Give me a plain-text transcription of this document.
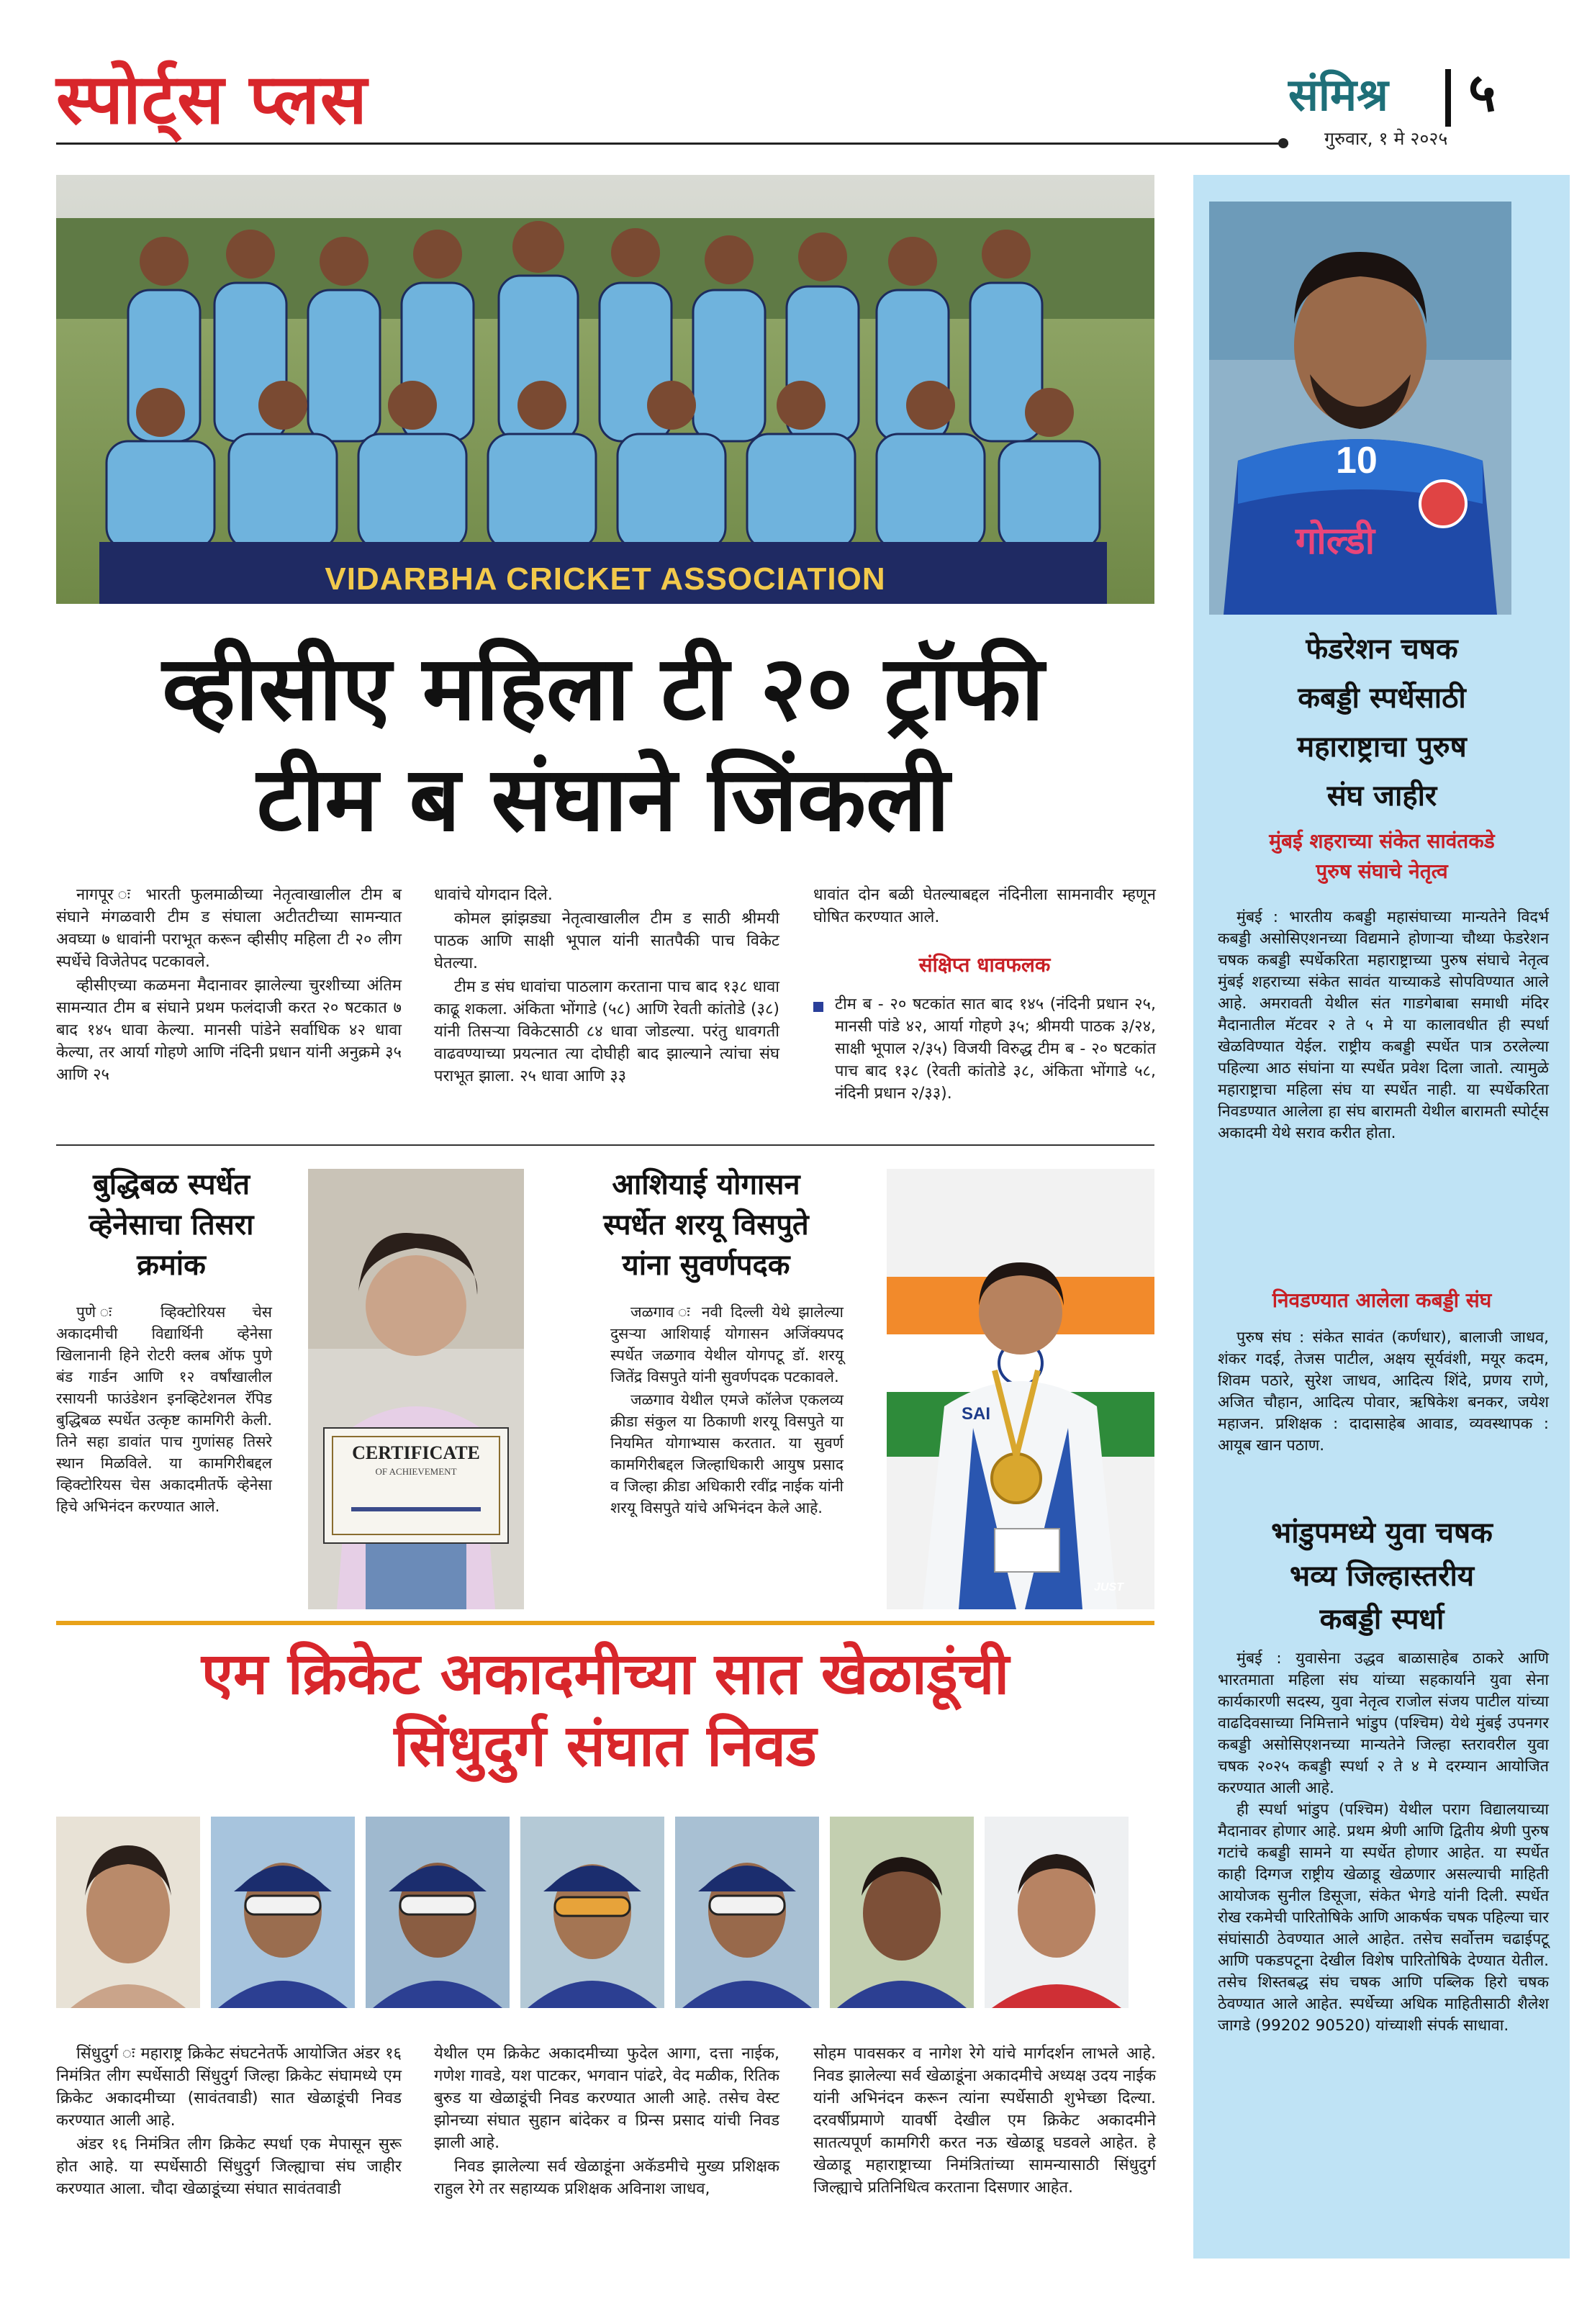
स्पोर्ट्स प्लस	संमिश्र ५
गुरुवार, १ मे २०२५
VIDARBHA CRICKET ASSOCIATION
व्हीसीए महिला टी २० ट्रॉफी
टीम ब संघाने जिंकली

नागपूर ः भारती फुलमाळीच्या नेतृत्वाखालील टीम ब संघाने मंगळवारी टीम ड संघाला अटीतटीच्या सामन्यात अवघ्या ७ धावांनी पराभूत करून व्हीसीए महिला टी २० लीग स्पर्धेचे विजेतेपद पटकावले.

व्हीसीएच्या कळमना मैदानावर झालेल्या चुरशीच्या अंतिम सामन्यात टीम ब संघाने प्रथम फलंदाजी करत २० षटकात ७ बाद १४५ धावा केल्या. मानसी पांडेने सर्वाधिक ४२ धावा केल्या, तर आर्या गोहणे आणि नंदिनी प्रधान यांनी अनुक्रमे ३५ आणि २५

धावांचे योगदान दिले.

कोमल झांझड्या नेतृत्वाखालील टीम ड साठी श्रीमयी पाठक आणि साक्षी भूपाल यांनी सातपैकी पाच विकेट घेतल्या.

टीम ड संघ धावांचा पाठलाग करताना पाच बाद १३८ धावा काढू शकला. अंकिता भोंगाडे (५८) आणि रेवती कांतोडे (३८) यांनी तिसऱ्या विकेटसाठी ८४ धावा जोडल्या. परंतु धावगती वाढवण्याच्या प्रयत्नात त्या दोघीही बाद झाल्याने त्यांचा संघ पराभूत झाला. २५ धावा आणि ३३

धावांत दोन बळी घेतल्याबद्दल नंदिनीला सामनावीर म्हणून घोषित करण्यात आले.

संक्षिप्त धावफलक
टीम ब - २० षटकांत सात बाद १४५ (नंदिनी प्रधान २५, मानसी पांडे ४२, आर्या गोहणे ३५; श्रीमयी पाठक ३/२४, साक्षी भूपाल २/३५) विजयी विरुद्ध टीम ब - २० षटकांत पाच बाद १३८ (रेवती कांतोडे ३८, अंकिता भोंगाडे ५८, नंदिनी प्रधान २/३३).
बुद्धिबळ स्पर्धेत
व्हेनेसाचा तिसरा
क्रमांक

पुणे ः व्हिक्टोरियस चेस अकादमीची विद्यार्थिनी व्हेनेसा खिलानानी हिने रोटरी क्लब ऑफ पुणे बंड गार्डन आणि १२ वर्षांखालील रसायनी फाउंडेशन इनव्हिटेशनल रॅपिड बुद्धिबळ स्पर्धेत उत्कृष्ट कामगिरी केली. तिने सहा डावांत पाच गुणांसह तिसरे स्थान मिळविले. या कामगिरीबद्दल व्हिक्टोरियस चेस अकादमीतर्फे व्हेनेसा हिचे अभिनंदन करण्यात आले.

CERTIFICATE
OF ACHIEVEMENT
आशियाई योगासन
स्पर्धेत शरयू विसपुते
यांना सुवर्णपदक

जळगाव ः नवी दिल्ली येथे झालेल्या दुसऱ्या आशियाई योगासन अजिंक्यपद स्पर्धेत जळगाव येथील योगपटू डॉ. शरयू जितेंद्र विसपुते यांनी सुवर्णपदक पटकावले.

जळगाव येथील एमजे कॉलेज एकलव्य क्रीडा संकुल या ठिकाणी शरयू विसपुते या नियमित योगाभ्यास करतात. या सुवर्ण कामगिरीबद्दल जिल्हाधिकारी आयुष प्रसाद व जिल्हा क्रीडा अधिकारी रवींद्र नाईक यांनी शरयू विसपुते यांचे अभिनंदन केले आहे.

SAI
JUST
एम क्रिकेट अकादमीच्या सात खेळाडूंची
सिंधुदुर्ग संघात निवड

सिंधुदुर्ग ः महाराष्ट्र क्रिकेट संघटनेतर्फे आयोजित अंडर १६ निमंत्रित लीग स्पर्धेसाठी सिंधुदुर्ग जिल्हा क्रिकेट संघामध्ये एम क्रिकेट अकादमीच्या (सावंतवाडी) सात खेळाडूंची निवड करण्यात आली आहे.

अंडर १६ निमंत्रित लीग क्रिकेट स्पर्धा एक मेपासून सुरू होत आहे. या स्पर्धेसाठी सिंधुदुर्ग जिल्ह्याचा संघ जाहीर करण्यात आला. चौदा खेळाडूंच्या संघात सावंतवाडी

येथील एम क्रिकेट अकादमीच्या फुदेल आगा, दत्ता नाईक, गणेश गावडे, यश पाटकर, भगवान पांढरे, वेद मळीक, रितिक बुरुड या खेळाडूंची निवड करण्यात आली आहे. तसेच वेस्ट झोनच्या संघात सुहान बांदेकर व प्रिन्स प्रसाद यांची निवड झाली आहे.

निवड झालेल्या सर्व खेळाडूंना अकॅडमीचे मुख्य प्रशिक्षक राहुल रेगे तर सहाय्यक प्रशिक्षक अविनाश जाधव,

सोहम पावसकर व नागेश रेगे यांचे मार्गदर्शन लाभले आहे. निवड झालेल्या सर्व खेळाडूंना अकादमीचे अध्यक्ष उदय नाईक यांनी अभिनंदन करून त्यांना स्पर्धेसाठी शुभेच्छा दिल्या. दरवर्षीप्रमाणे यावर्षी देखील एम क्रिकेट अकादमीने सातत्यपूर्ण कामगिरी करत नऊ खेळाडू घडवले आहेत. हे खेळाडू महाराष्ट्राच्या निमंत्रितांच्या सामन्यासाठी सिंधुदुर्ग जिल्ह्याचे प्रतिनिधित्व करताना दिसणार आहेत.

10
गोल्डी
फेडरेशन चषक
कबड्डी स्पर्धेसाठी
महाराष्ट्राचा पुरुष
संघ जाहीर
मुंबई शहराच्या संकेत सावंतकडे
पुरुष संघाचे नेतृत्व

मुंबई : भारतीय कबड्डी महासंघाच्या मान्यतेने विदर्भ कबड्डी असोसिएशनच्या विद्यमाने होणाऱ्या चौथ्या फेडरेशन चषक कबड्डी स्पर्धेकरिता महाराष्ट्राच्या पुरुष संघाचे नेतृत्व मुंबई शहराच्या संकेत सावंत याच्याकडे सोपविण्यात आले आहे. अमरावती येथील संत गाडगेबाबा समाधी मंदिर मैदानातील मॅटवर २ ते ५ मे या कालावधीत ही स्पर्धा खेळविण्यात येईल. राष्ट्रीय कबड्डी स्पर्धेत पात्र ठरलेल्या पहिल्या आठ संघांना या स्पर्धेत प्रवेश दिला जातो. त्यामुळे महाराष्ट्राचा महिला संघ या स्पर्धेत नाही. या स्पर्धेकरिता निवडण्यात आलेला हा संघ बारामती येथील बारामती स्पोर्ट्स अकादमी येथे सराव करीत होता.

निवडण्यात आलेला कबड्डी संघ

पुरुष संघ : संकेत सावंत (कर्णधार), बालाजी जाधव, शंकर गदई, तेजस पाटील, अक्षय सूर्यवंशी, मयूर कदम, शिवम पठारे, सुरेश जाधव, आदित्य शिंदे, प्रणय राणे, अजित चौहान, आदित्य पोवार, ऋषिकेश बनकर, जयेश महाजन. प्रशिक्षक : दादासाहेब आवाड, व्यवस्थापक : आयूब खान पठाण.

भांडुपमध्ये युवा चषक
भव्य जिल्हास्तरीय
कबड्डी स्पर्धा

मुंबई : युवासेना उद्धव बाळासाहेब ठाकरे आणि भारतमाता महिला संघ यांच्या सहकार्याने युवा सेना कार्यकारणी सदस्य, युवा नेतृत्व राजोल संजय पाटील यांच्या वाढदिवसाच्या निमित्ताने भांडुप (पश्चिम) येथे मुंबई उपनगर कबड्डी असोसिएशनच्या मान्यतेने जिल्हा स्तरावरील युवा चषक २०२५ कबड्डी स्पर्धा २ ते ४ मे दरम्यान आयोजित करण्यात आली आहे.

ही स्पर्धा भांडुप (पश्चिम) येथील पराग विद्यालयाच्या मैदानावर होणार आहे. प्रथम श्रेणी आणि द्वितीय श्रेणी पुरुष गटांचे कबड्डी सामने या स्पर्धेत होणार आहेत. या स्पर्धेत काही दिग्गज राष्ट्रीय खेळाडू खेळणार असल्याची माहिती आयोजक सुनील डिसूजा, संकेत भेगडे यांनी दिली. स्पर्धेत रोख रकमेची पारितोषिके आणि आकर्षक चषक पहिल्या चार संघांसाठी ठेवण्यात आले आहेत. तसेच सर्वोत्तम चढाईपटू आणि पकडपटूना देखील विशेष पारितोषिके देण्यात येतील. तसेच शिस्तबद्ध संघ चषक आणि पब्लिक हिरो चषक ठेवण्यात आले आहेत. स्पर्धेच्या अधिक माहितीसाठी शैलेश जागडे (99202 90520) यांच्याशी संपर्क साधावा.
